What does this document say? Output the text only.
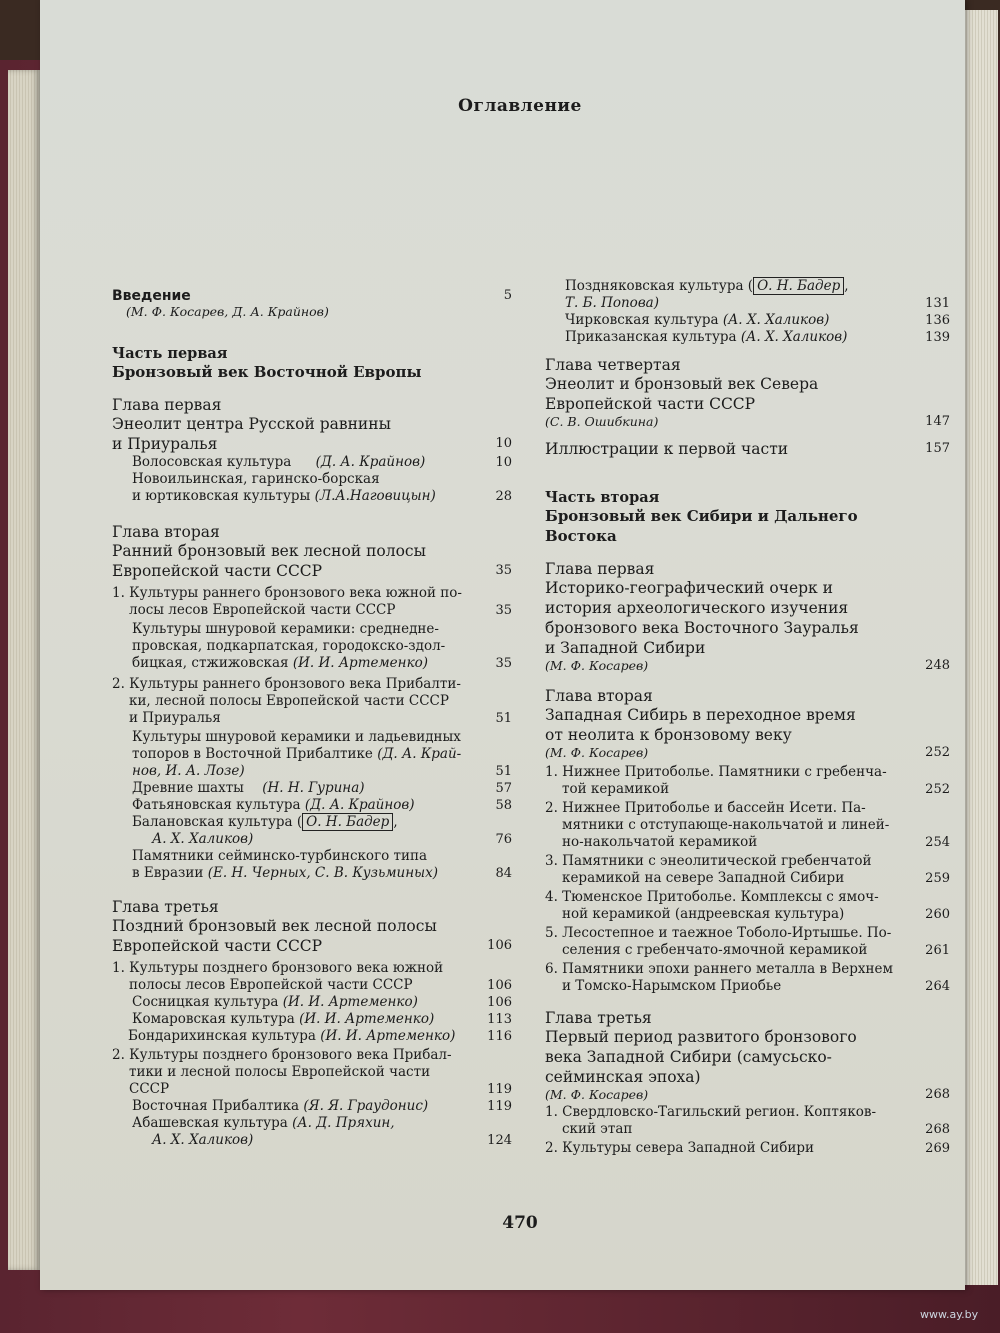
Оглавление
Введение	5
(М. Ф. Косарев, Д. А. Крайнов)
Часть первая
Бронзовый век Восточной Европы
Глава первая
Энеолит центра Русской равнины
и Приуралья	10
Волосовская культура (Д. А. Крайнов)	10
Новоильинская, гаринско-борская
и юртиковская культуры (Л.А.Наговицын)	28
Глава вторая
Ранний бронзовый век лесной полосы
Европейской части СССР	35
1. Культуры раннего бронзового века южной по-
лосы лесов Европейской части СССР	35
Культуры шнуровой керамики: среднедне-
провская, подкарпатская, городокско-здол-
бицкая, стжижовская (И. И. Артеменко)	35
2. Культуры раннего бронзового века Прибалти-
ки, лесной полосы Европейской части СССР
и Приуралья	51
Культуры шнуровой керамики и ладьевидных
топоров в Восточной Прибалтике (Д. А. Край-
нов, И. А. Лозе)	51
Древние шахты (Н. Н. Гурина)	57
Фатьяновская культура (Д. А. Крайнов)	58
Балановская культура ( О. Н. Бадер ,
А. Х. Халиков)	76
Памятники сейминско-турбинского типа
в Евразии (Е. Н. Черных, С. В. Кузьминых)	84
Глава третья
Поздний бронзовый век лесной полосы
Европейской части СССР	106
1. Культуры позднего бронзового века южной
полосы лесов Европейской части СССР	106
Сосницкая культура (И. И. Артеменко)	106
Комаровская культура (И. И. Артеменко)	113
Бондарихинская культура (И. И. Артеменко)	116
2. Культуры позднего бронзового века Прибал-
тики и лесной полосы Европейской части
СССР	119
Восточная Прибалтика (Я. Я. Граудонис)	119
Абашевская культура (А. Д. Пряхин,
А. Х. Халиков)	124
Поздняковская культура ( О. Н. Бадер ,
Т. Б. Попова)	131
Чирковская культура (А. Х. Халиков)	136
Приказанская культура (А. Х. Халиков)	139
Глава четвертая
Энеолит и бронзовый век Севера
Европейской части СССР
(С. В. Ошибкина)	147
Иллюстрации к первой части	157
Часть вторая
Бронзовый век Сибири и Дальнего
Востока
Глава первая
Историко-географический очерк и
история археологического изучения
бронзового века Восточного Зауралья
и Западной Сибири
(М. Ф. Косарев)	248
Глава вторая
Западная Сибирь в переходное время
от неолита к бронзовому веку
(М. Ф. Косарев)	252
1. Нижнее Притоболье. Памятники с гребенча-
той керамикой	252
2. Нижнее Притоболье и бассейн Исети. Па-
мятники с отступающе-накольчатой и линей-
но-накольчатой керамикой	254
3. Памятники с энеолитической гребенчатой
керамикой на севере Западной Сибири	259
4. Тюменское Притоболье. Комплексы с ямоч-
ной керамикой (андреевская культура)	260
5. Лесостепное и таежное Тоболо-Иртышье. По-
селения с гребенчато-ямочной керамикой	261
6. Памятники эпохи раннего металла в Верхнем
и Томско-Нарымском Приобье	264
Глава третья
Первый период развитого бронзового
века Западной Сибири (самусьско-
сейминская эпоха)
(М. Ф. Косарев)	268
1. Свердловско-Тагильский регион. Коптяков-
ский этап	268
2. Культуры севера Западной Сибири	269
470
www.ay.by
